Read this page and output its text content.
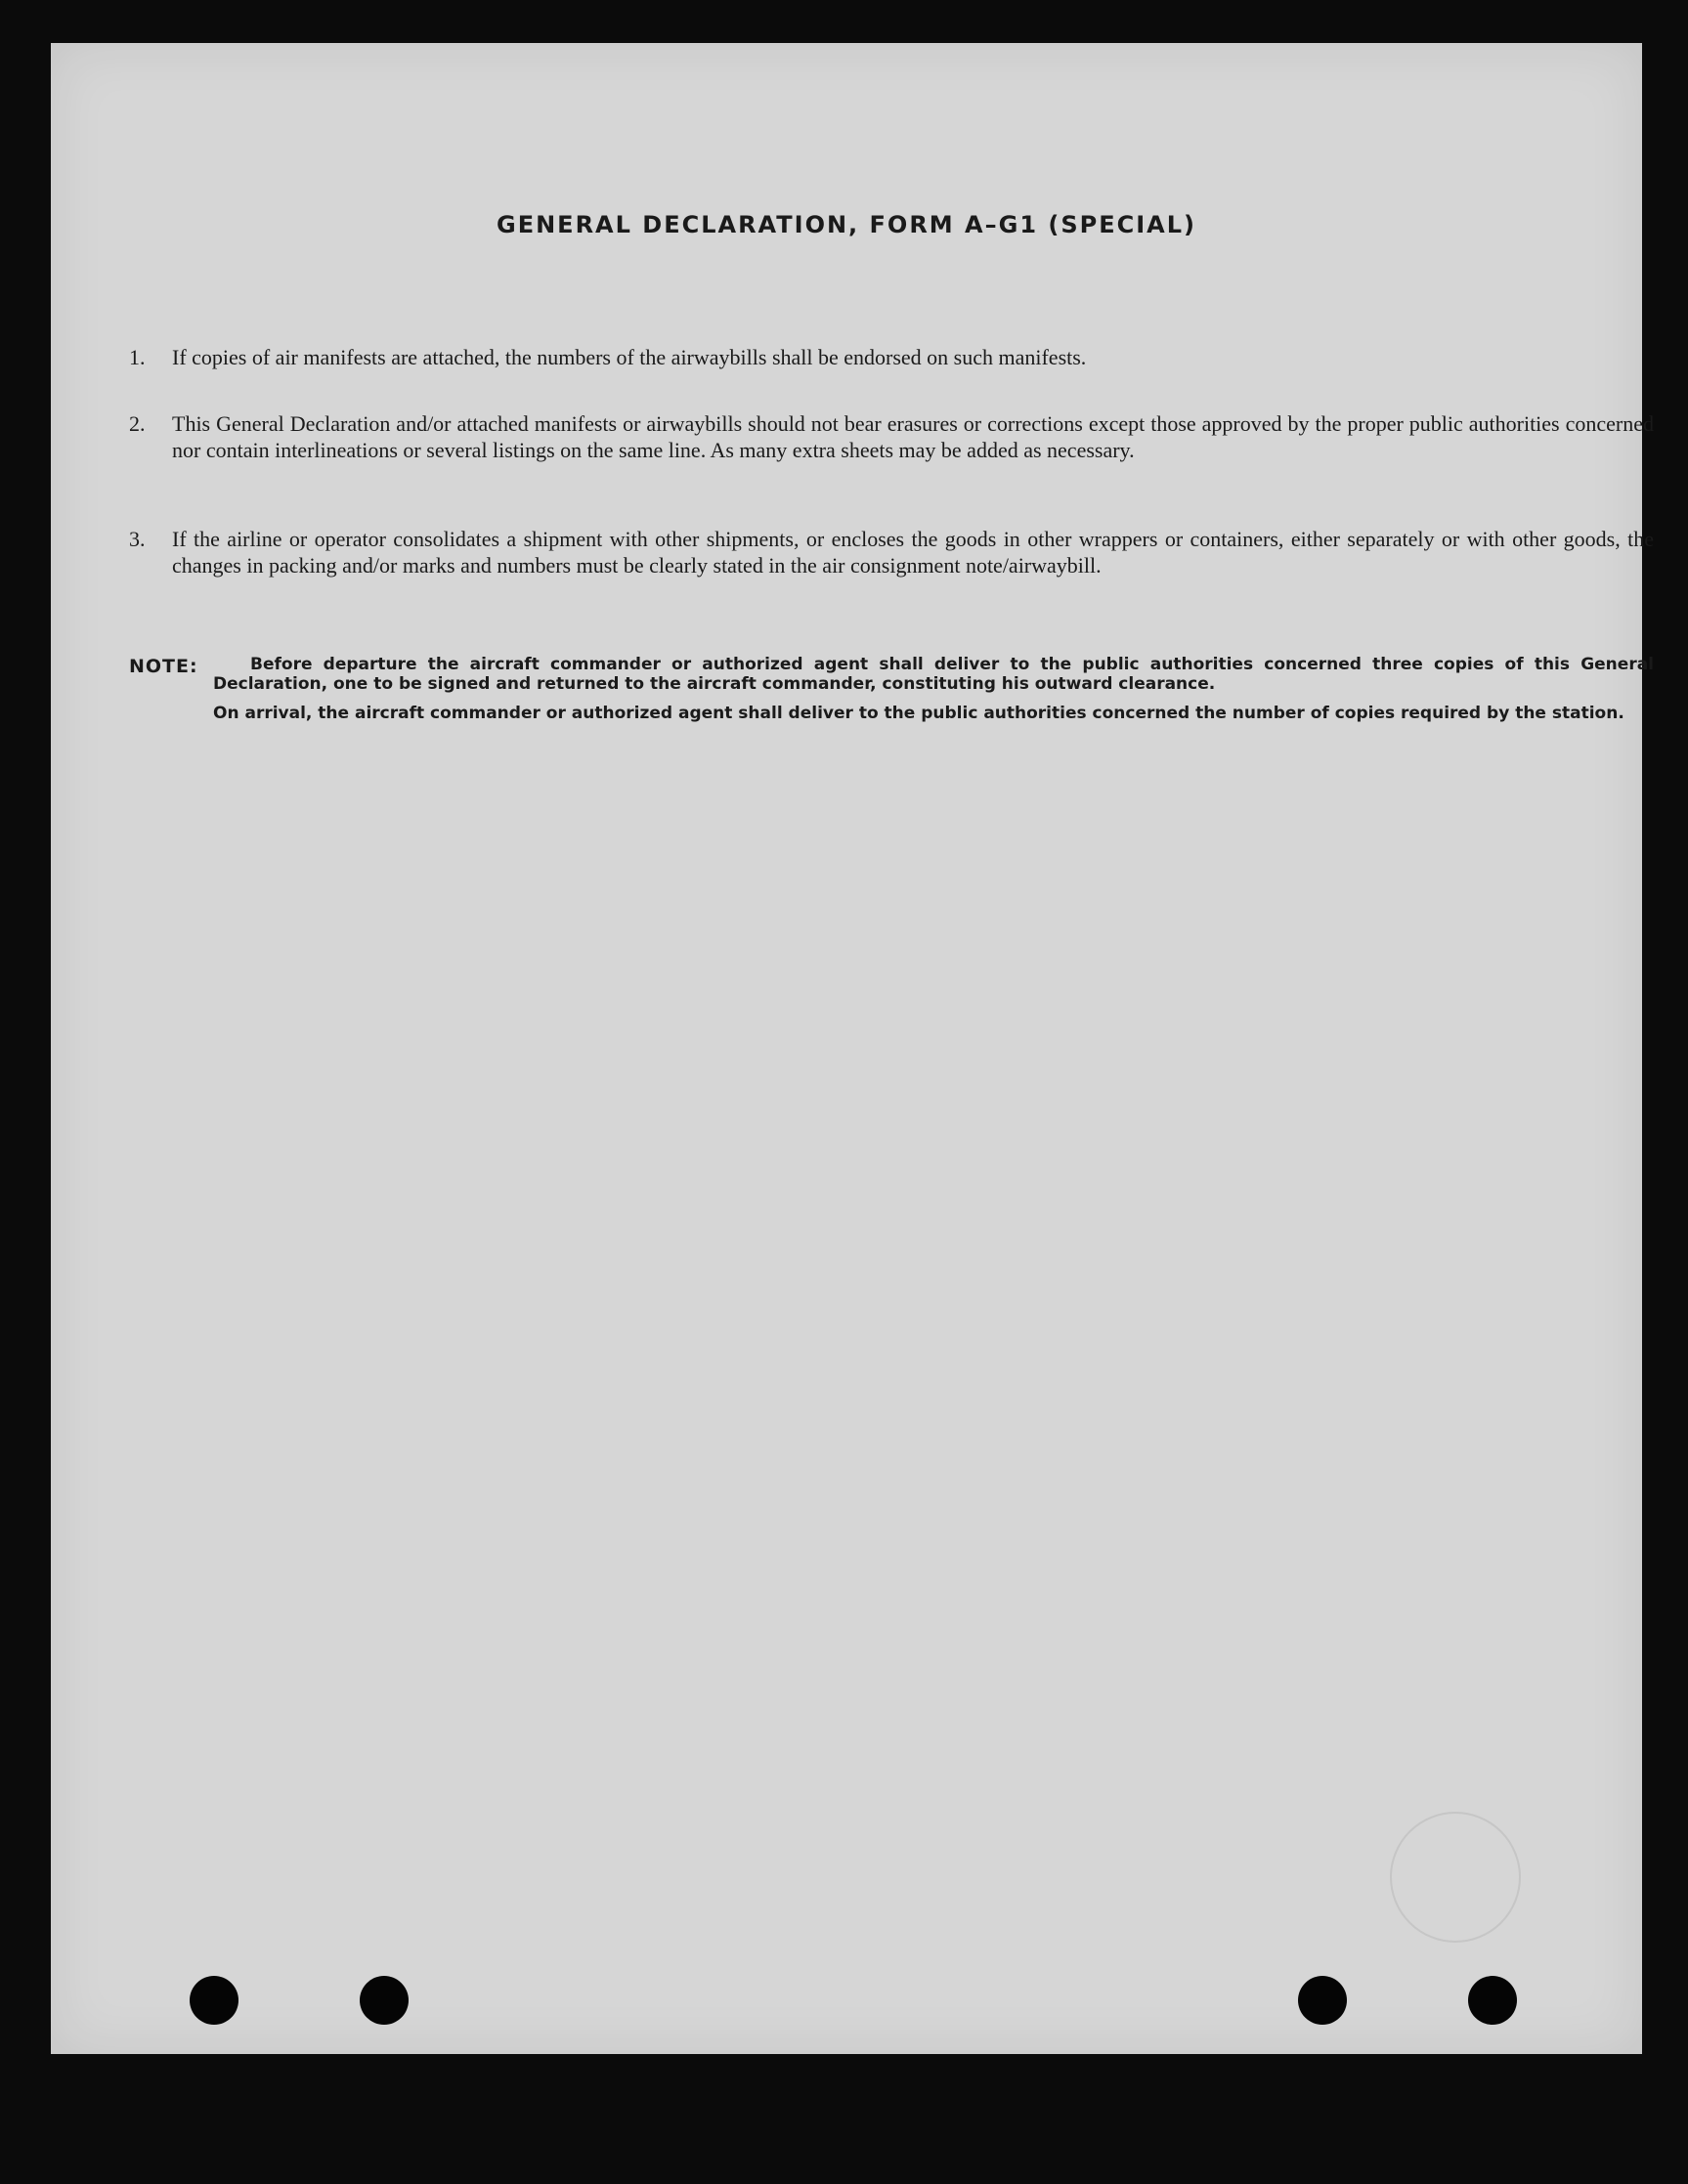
GENERAL DECLARATION, FORM A–G1 (SPECIAL)
1.	If copies of air manifests are attached, the numbers of the airwaybills shall be endorsed on such manifests.
2.	This General Declaration and/or attached manifests or airwaybills should not bear erasures or corrections except those approved by the proper public authorities concerned nor contain interlineations or several listings on the same line. As many extra sheets may be added as necessary.
3.	If the airline or operator consolidates a shipment with other shipments, or encloses the goods in other wrappers or containers, either separately or with other goods, the changes in packing and/or marks and numbers must be clearly stated in the air consignment note/airwaybill.
NOTE:	Before departure the aircraft commander or authorized agent shall deliver to the public authorities concerned three copies of this General Declaration, one to be signed and returned to the aircraft commander, constituting his outward clearance.
On arrival, the aircraft commander or authorized agent shall deliver to the public authorities concerned the number of copies required by the station.
